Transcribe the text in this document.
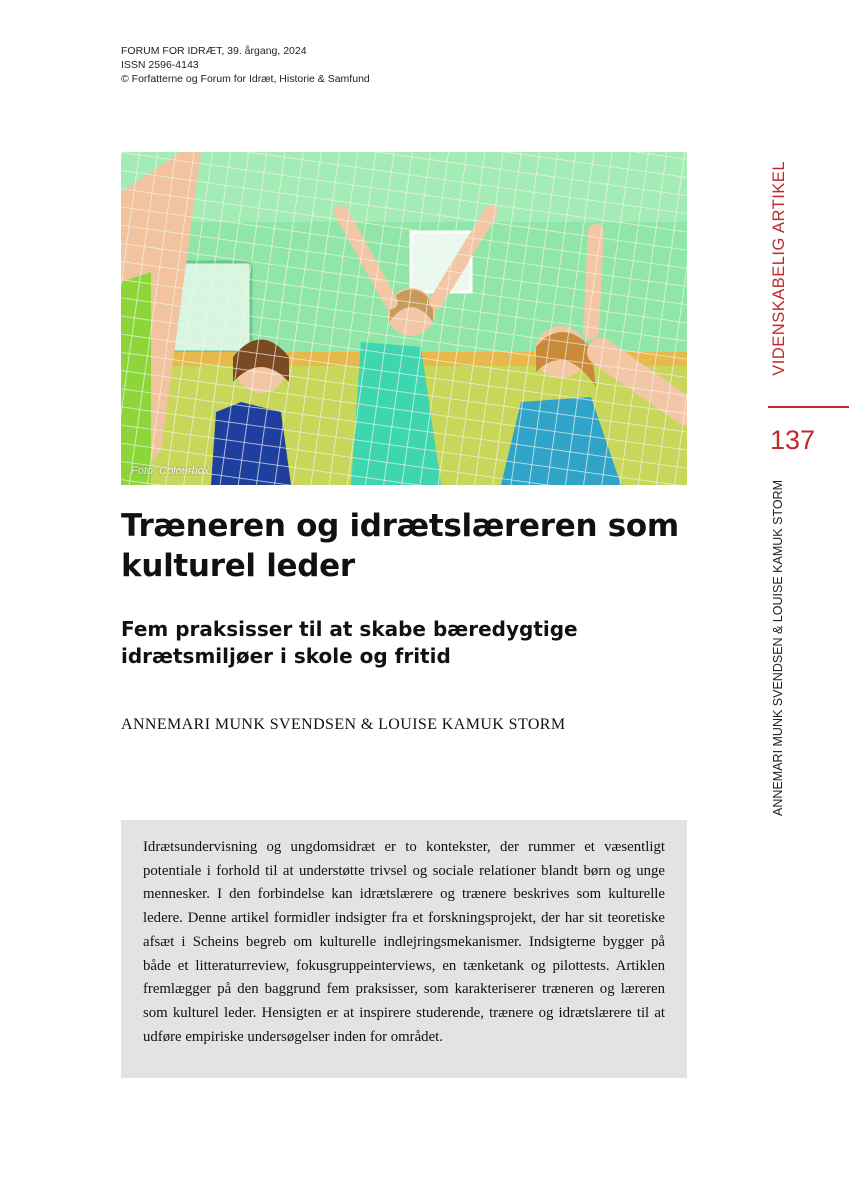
FORUM FOR IDRÆT, 39. årgang, 2024
ISSN 2596-4143
© Forfatterne og Forum for Idræt, Historie & Samfund
Foto: Colourbox
Træneren og idrætslæreren som kulturel leder
Fem praksisser til at skabe bæredygtige idrætsmiljøer i skole og fritid

ANNEMARI MUNK SVENDSEN & LOUISE KAMUK STORM

Idrætsundervisning og ungdomsidræt er to kontekster, der rummer et væsentligt potentiale i forhold til at understøtte trivsel og sociale relationer blandt børn og unge mennesker. I den forbindelse kan idrætslærere og trænere beskrives som kulturelle ledere. Denne artikel formidler indsigter fra et forskningsprojekt, der har sit teoretiske afsæt i Scheins begreb om kulturelle indlejringsmekanismer. Indsigterne bygger på både et litteraturreview, fokusgruppeinterviews, en tænketank og pilottests. Artiklen fremlægger på den baggrund fem praksisser, som karakteriserer træneren og læreren som kulturel leder. Hensigten er at inspirere studerende, trænere og idrætslærere til at udføre empiriske undersøgelser inden for området.

VIDENSKABELIG ARTIKEL
137
ANNEMARI MUNK SVENDSEN & LOUISE KAMUK STORM
